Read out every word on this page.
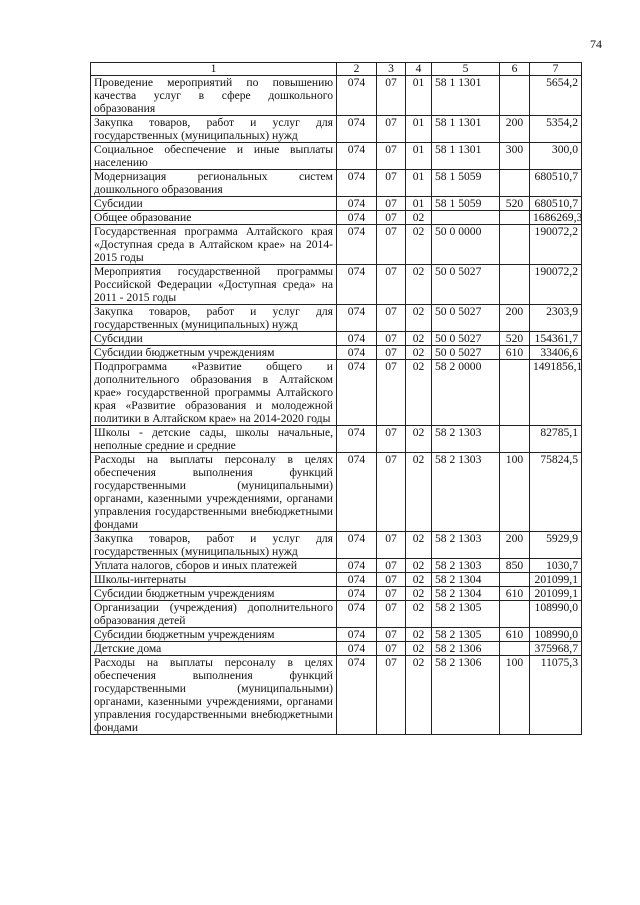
74
1	2	3	4	5	6	7
Проведение мероприятий по повышению качества услуг в сфере дошкольного образования	074	07	01	58 1 1301		5654,2
Закупка товаров, работ и услуг для государственных (муниципальных) нужд	074	07	01	58 1 1301	200	5354,2
Социальное обеспечение и иные выплаты населению	074	07	01	58 1 1301	300	300,0
Модернизация региональных систем дошкольного образования	074	07	01	58 1 5059		680510,7
Субсидии	074	07	01	58 1 5059	520	680510,7
Общее образование	074	07	02			1686269,3
Государственная программа Алтайского края «Доступная среда в Алтайском крае» на 2014-2015 годы	074	07	02	50 0 0000		190072,2
Мероприятия государственной программы Российской Федерации «Доступная среда» на 2011 - 2015 годы	074	07	02	50 0 5027		190072,2
Закупка товаров, работ и услуг для государственных (муниципальных) нужд	074	07	02	50 0 5027	200	2303,9
Субсидии	074	07	02	50 0 5027	520	154361,7
Субсидии бюджетным учреждениям	074	07	02	50 0 5027	610	33406,6
Подпрограмма «Развитие общего и дополнительного образования в Алтайском крае» государственной программы Алтайского края «Развитие образования и молодежной политики в Алтайском крае» на 2014-2020 годы	074	07	02	58 2 0000		1491856,1
Школы - детские сады, школы начальные, неполные средние и средние	074	07	02	58 2 1303		82785,1
Расходы на выплаты персоналу в целях обеспечения выполнения функций государственными (муниципальными) органами, казенными учреждениями, органами управления государственными внебюджетными фондами	074	07	02	58 2 1303	100	75824,5
Закупка товаров, работ и услуг для государственных (муниципальных) нужд	074	07	02	58 2 1303	200	5929,9
Уплата налогов, сборов и иных платежей	074	07	02	58 2 1303	850	1030,7
Школы-интернаты	074	07	02	58 2 1304		201099,1
Субсидии бюджетным учреждениям	074	07	02	58 2 1304	610	201099,1
Организации (учреждения) дополнительного образования детей	074	07	02	58 2 1305		108990,0
Субсидии бюджетным учреждениям	074	07	02	58 2 1305	610	108990,0
Детские дома	074	07	02	58 2 1306		375968,7
Расходы на выплаты персоналу в целях обеспечения выполнения функций государственными (муниципальными) органами, казенными учреждениями, органами управления государственными внебюджетными фондами	074	07	02	58 2 1306	100	11075,3
